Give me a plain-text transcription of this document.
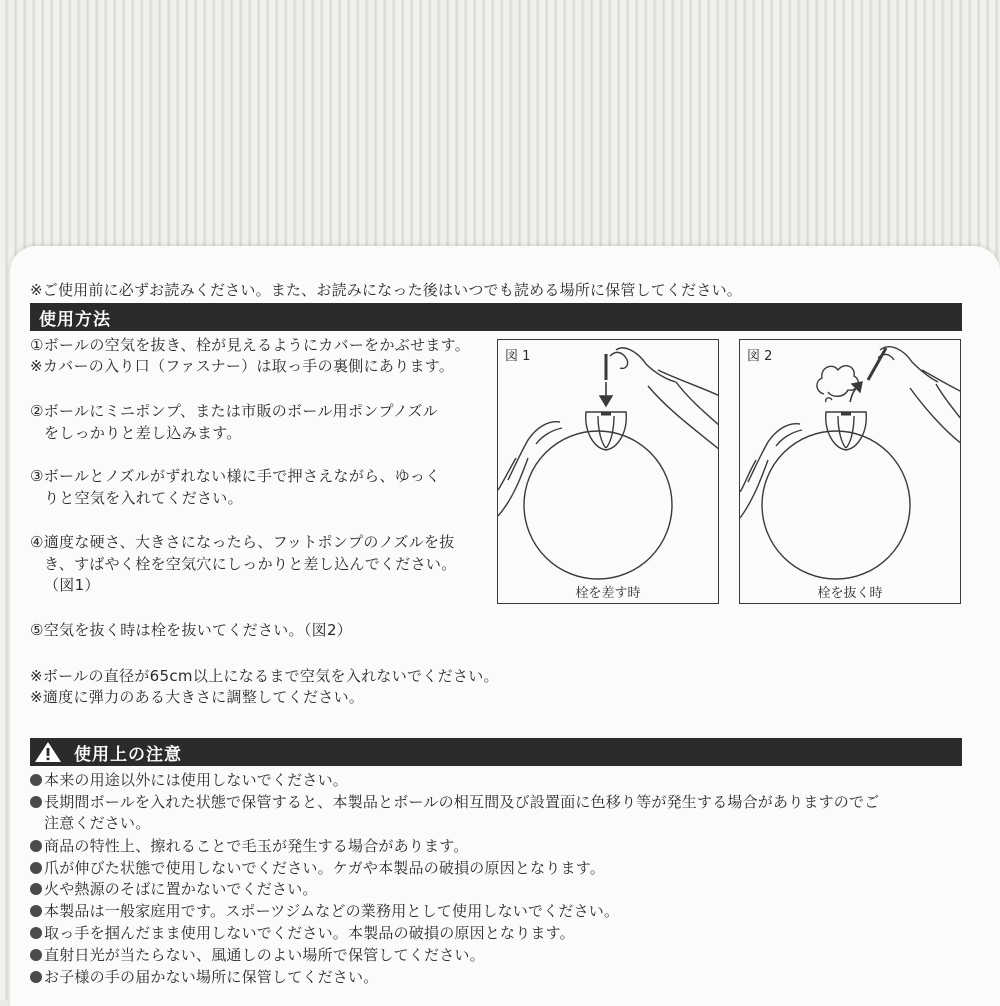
※ご使用前に必ずお読みください。また、お読みになった後はいつでも読める場所に保管してください。
使用方法
①ボールの空気を抜き、栓が見えるようにカバーをかぶせます。
※カバーの入り口（ファスナー）は取っ手の裏側にあります。
②ボールにミニポンプ、または市販のボール用ポンプノズル
をしっかりと差し込みます。
③ボールとノズルがずれない様に手で押さえながら、ゆっく
りと空気を入れてください。
④適度な硬さ、大きさになったら、フットポンプのノズルを抜
き、すばやく栓を空気穴にしっかりと差し込んでください。
（図1）
⑤空気を抜く時は栓を抜いてください。（図2）
※ボールの直径が65cm以上になるまで空気を入れないでください。
※適度に弾力のある大きさに調整してください。
図 1
栓を差す時
図 2
栓を抜く時
使用上の注意
本来の用途以外には使用しないでください。
長期間ボールを入れた状態で保管すると、本製品とボールの相互間及び設置面に色移り等が発生する場合がありますのでご
注意ください。
商品の特性上、擦れることで毛玉が発生する場合があります。
爪が伸びた状態で使用しないでください。ケガや本製品の破損の原因となります。
火や熱源のそばに置かないでください。
本製品は一般家庭用です。スポーツジムなどの業務用として使用しないでください。
取っ手を掴んだまま使用しないでください。本製品の破損の原因となります。
直射日光が当たらない、風通しのよい場所で保管してください。
お子様の手の届かない場所に保管してください。
